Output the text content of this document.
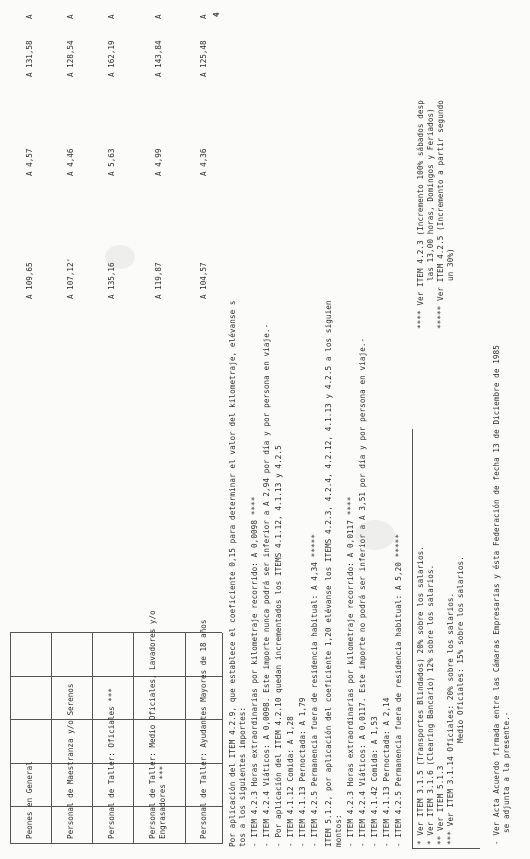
Peones en General
A 109,65
A 4,57
A 131,58
A
Personal de Maestranza y/o Serenos
A 107,12'
A 4,46
A 128,54
A
Personal de Taller: Oficiales ***
A 135,16
A 5,63
A 162,19
A
Personal de Taller: Medio Oficiales, Lavadores y/o Engrasadores ***
A 119,87
A 4,99
A 143,84
A
Personal de Taller: Ayudantes Mayores de 18 años
A 104,57
A 4,36
A 125,48
A
Por aplicación del ITEM 4.2.9, que establece el coeficiente 0,15 para determinar el valor del kilometraje, elévanse s tos a los siguientes importes: - ITEM 4.2.3 Horas extraordinarias por kilometraje recorrido: A 0,0098 **** - ITEM 4.2.4 Viáticos: A 0,0098. Este importe nunca podrá ser inferior a A 2,94 por día y por persona en viaje.- - Por aplicación del ITEM 4.2.10 quedan incrementados los ITEMS 4.1.12, 4.1.13 y 4.2.5 - ITEM 4.1.12 Comida: A 1,28 - ITEM 4.1.13 Pernoctada: A 1,79 - ITEM 4.2.5 Permanencia fuera de residencia habitual: A 4,34 ***** ITEM 5.1.2, por aplicación del coeficiente 1,20 elévanse los ITEMS 4.2.3, 4.2.4, 4.2.12, 4.1.13 y 4.2.5 a los siguien montos: - ITEM 4.2.3 Horas extraordinarias por kilometraje recorrido: A 0,0117 **** - ITEM 4.2.4 Viáticos: A 0,0117. Este importe no podrá ser inferior a A 3,51 por día y por persona en viaje.- - ITEM 4.1.42 Comida: A 1,53 - ITEM 4.1.13 Pernoctada: A 2,14 - ITEM 4.2.5 Permanencia fuera de residencia habitual: A 5,20 ***** * Ver ITEM 3.1.5 (Transportes Blindados) 20% sobre los salarios. * Ver ITEM 3.1.6 (Clearing Bancario) 12% sobre los salarios. ** Ver ITEM 5.1.3 *** Ver ITEM 3.1.14 Oficiales: 20% sobre los salarios. Medio Oficiales: 15% sobre los salarios.
**** Ver ITEM 4.2.3 (Incremento 100% sábados desp las 13,00 horas, Domingos y Feriados) ***** Ver ITEM 4.2.5 (Incremento a partir segundo un 30%)
- Ver Acta Acuerdo firmada entre las Cámaras Empresarias y ésta Federación de fecha 13 de Diciembre de 1985 se adjunta a la presente.-
4
